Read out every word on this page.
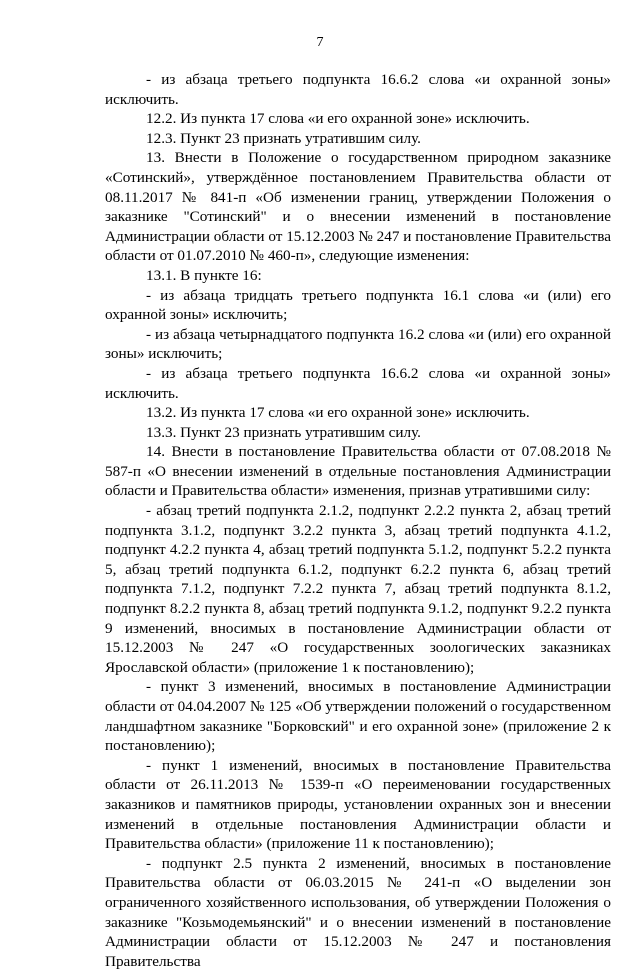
7

- из абзаца третьего подпункта 16.6.2 слова «и охранной зоны» исключить.

12.2. Из пункта 17 слова «и его охранной зоне» исключить.

12.3. Пункт 23 признать утратившим силу.

13. Внести в Положение о государственном природном заказнике «Сотинский», утверждённое постановлением Правительства области от 08.11.2017 № 841-п «Об изменении границ, утверждении Положения о заказнике "Сотинский" и о внесении изменений в постановление Администрации области от 15.12.2003 № 247 и постановление Правительства области от 01.07.2010 № 460-п», следующие изменения:

13.1. В пункте 16:

- из абзаца тридцать третьего подпункта 16.1 слова «и (или) его охранной зоны» исключить;

- из абзаца четырнадцатого подпункта 16.2 слова «и (или) его охранной зоны» исключить;

- из абзаца третьего подпункта 16.6.2 слова «и охранной зоны» исключить.

13.2. Из пункта 17 слова «и его охранной зоне» исключить.

13.3. Пункт 23 признать утратившим силу.

14. Внести в постановление Правительства области от 07.08.2018 № 587-п «О внесении изменений в отдельные постановления Администрации области и Правительства области» изменения, признав утратившими силу:

- абзац третий подпункта 2.1.2, подпункт 2.2.2 пункта 2, абзац третий подпункта 3.1.2, подпункт 3.2.2 пункта 3, абзац третий подпункта 4.1.2, подпункт 4.2.2 пункта 4, абзац третий подпункта 5.1.2, подпункт 5.2.2 пункта 5, абзац третий подпункта 6.1.2, подпункт 6.2.2 пункта 6, абзац третий подпункта 7.1.2, подпункт 7.2.2 пункта 7, абзац третий подпункта 8.1.2, подпункт 8.2.2 пункта 8, абзац третий подпункта 9.1.2, подпункт 9.2.2 пункта 9 изменений, вносимых в постановление Администрации области от 15.12.2003 № 247 «О государственных зоологических заказниках Ярославской области» (приложение 1 к постановлению);

- пункт 3 изменений, вносимых в постановление Администрации области от 04.04.2007 № 125 «Об утверждении положений о государственном ландшафтном заказнике "Борковский" и его охранной зоне» (приложение 2 к постановлению);

- пункт 1 изменений, вносимых в постановление Правительства области от 26.11.2013 № 1539-п «О переименовании государственных заказников и памятников природы, установлении охранных зон и внесении изменений в отдельные постановления Администрации области и Правительства области» (приложение 11 к постановлению);

- подпункт 2.5 пункта 2 изменений, вносимых в постановление Правительства области от 06.03.2015 № 241-п «О выделении зон ограниченного хозяйственного использования, об утверждении Положения о заказнике "Козьмодемьянский" и о внесении изменений в постановление Администрации области от 15.12.2003 № 247 и постановления Правительства
